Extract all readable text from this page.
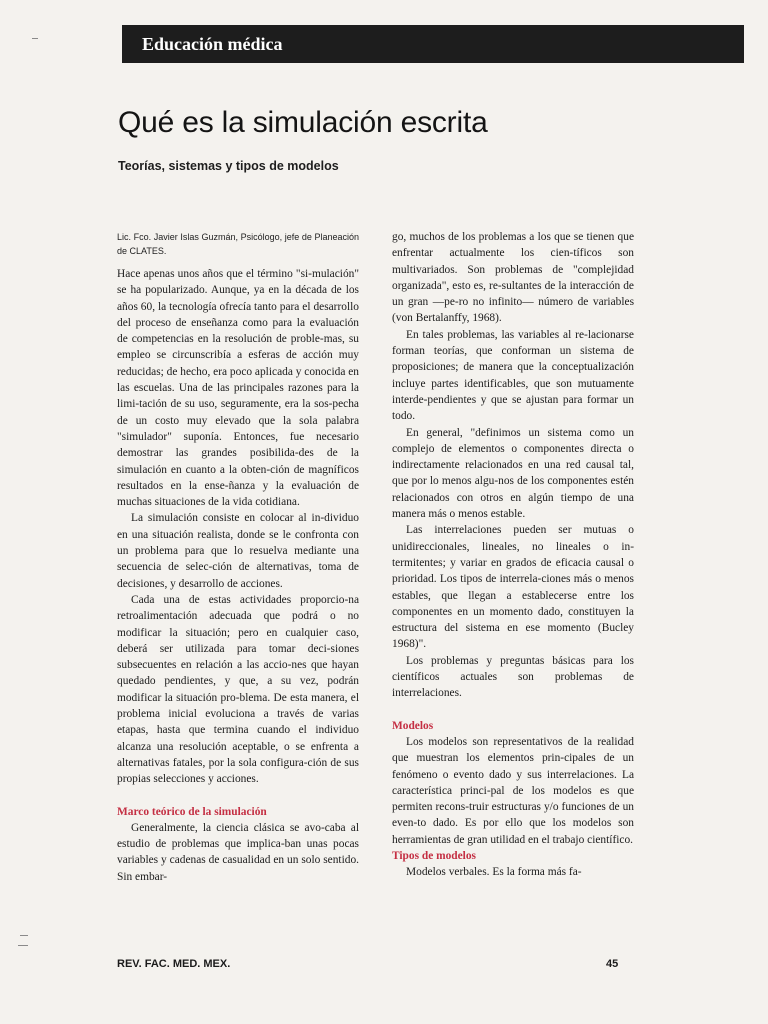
Educación médica
Qué es la simulación escrita
Teorías, sistemas y tipos de modelos

Lic. Fco. Javier Islas Guzmán, Psicólogo, jefe de Planeación de CLATES.

Hace apenas unos años que el término "si-mulación" se ha popularizado. Aunque, ya en la década de los años 60, la tecnología ofrecía tanto para el desarrollo del proceso de enseñanza como para la evaluación de competencias en la resolución de proble-mas, su empleo se circunscribía a esferas de acción muy reducidas; de hecho, era poco aplicada y conocida en las escuelas. Una de las principales razones para la limi-tación de su uso, seguramente, era la sos-pecha de un costo muy elevado que la sola palabra "simulador" suponía. Entonces, fue necesario demostrar las grandes posibilida-des de la simulación en cuanto a la obten-ción de magníficos resultados en la ense-ñanza y la evaluación de muchas situaciones de la vida cotidiana.

La simulación consiste en colocar al in-dividuo en una situación realista, donde se le confronta con un problema para que lo resuelva mediante una secuencia de selec-ción de alternativas, toma de decisiones, y desarrollo de acciones.

Cada una de estas actividades proporcio-na retroalimentación adecuada que podrá o no modificar la situación; pero en cualquier caso, deberá ser utilizada para tomar deci-siones subsecuentes en relación a las accio-nes que hayan quedado pendientes, y que, a su vez, podrán modificar la situación pro-blema. De esta manera, el problema inicial evoluciona a través de varias etapas, hasta que termina cuando el individuo alcanza una resolución aceptable, o se enfrenta a alternativas fatales, por la sola configura-ción de sus propias selecciones y acciones.

Marco teórico de la simulación

Generalmente, la ciencia clásica se avo-caba al estudio de problemas que implica-ban unas pocas variables y cadenas de casualidad en un solo sentido. Sin embar-

go, muchos de los problemas a los que se tienen que enfrentar actualmente los cien-tíficos son multivariados. Son problemas de "complejidad organizada", esto es, re-sultantes de la interacción de un gran —pe-ro no infinito— número de variables (von Bertalanffy, 1968).

En tales problemas, las variables al re-lacionarse forman teorías, que conforman un sistema de proposiciones; de manera que la conceptualización incluye partes identificables, que son mutuamente interde-pendientes y que se ajustan para formar un todo.

En general, "definimos un sistema como un complejo de elementos o componentes directa o indirectamente relacionados en una red causal tal, que por lo menos algu-nos de los componentes estén relacionados con otros en algún tiempo de una manera más o menos estable.

Las interrelaciones pueden ser mutuas o unidireccionales, lineales, no lineales o in-termitentes; y variar en grados de eficacia causal o prioridad. Los tipos de interrela-ciones más o menos estables, que llegan a establecerse entre los componentes en un momento dado, constituyen la estructura del sistema en ese momento (Bucley 1968)".

Los problemas y preguntas básicas para los científicos actuales son problemas de interrelaciones.

Modelos

Los modelos son representativos de la realidad que muestran los elementos prin-cipales de un fenómeno o evento dado y sus interrelaciones. La característica princi-pal de los modelos es que permiten recons-truir estructuras y/o funciones de un even-to dado. Es por ello que los modelos son herramientas de gran utilidad en el trabajo científico.

Tipos de modelos

Modelos verbales. Es la forma más fa-

REV. FAC. MED. MEX.	45
